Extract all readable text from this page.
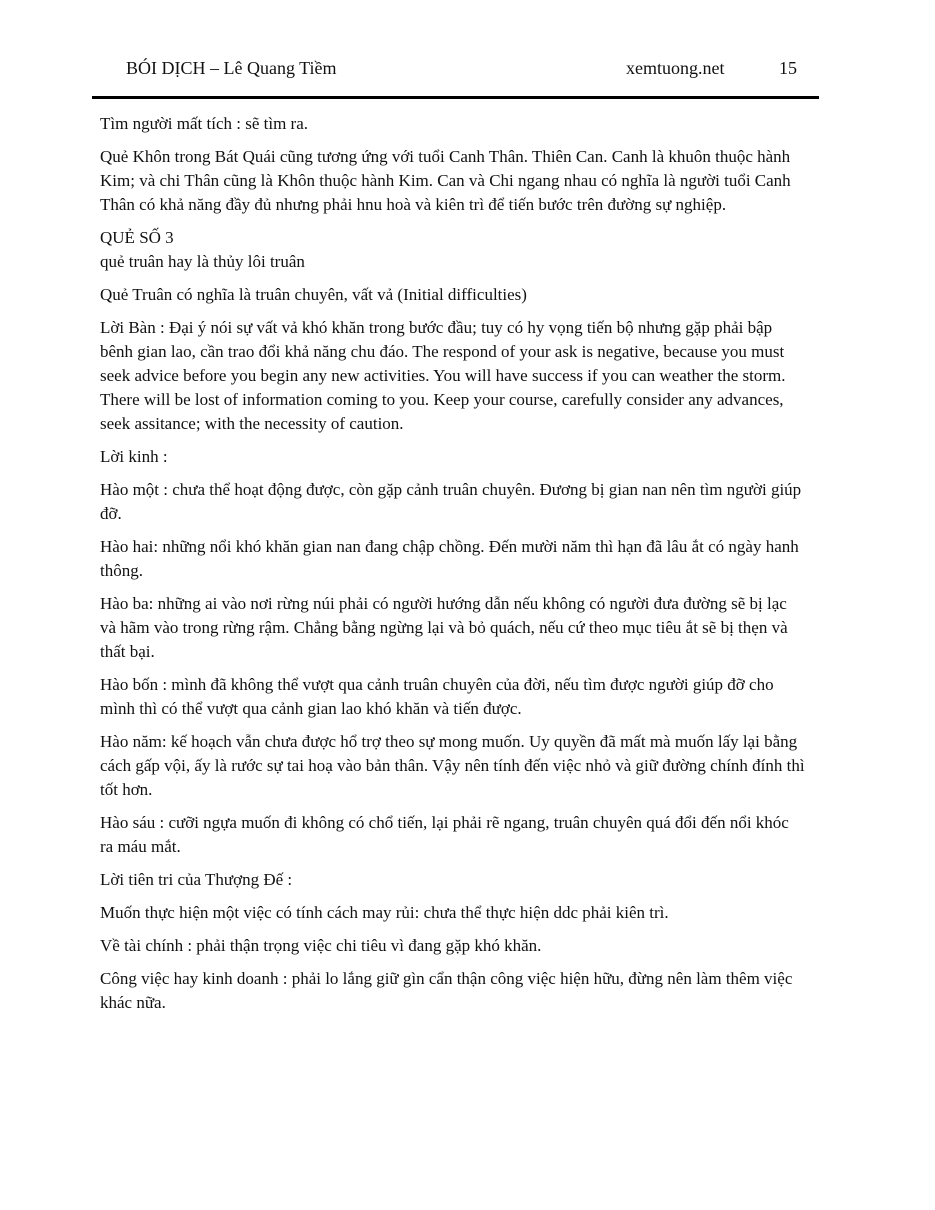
BÓI DỊCH – Lê Quang Tiềm	xemtuong.net	15

Tìm người mất tích : sẽ tìm ra.

Quẻ Khôn trong Bát Quái cũng tương ứng với tuổi Canh Thân. Thiên Can. Canh là khuôn thuộc hành Kim; và chi Thân cũng là Khôn thuộc hành Kim. Can và Chi ngang nhau có nghĩa là người tuổi Canh Thân có khả năng đầy đủ nhưng phải hnu hoà và kiên trì để tiến bước trên đường sự nghiệp.

QUẺ SỐ 3

quẻ truân hay là thủy lôi truân

Quẻ Truân có nghĩa là truân chuyên, vất vả (Initial difficulties)

Lời Bàn : Đại ý nói sự vất vả khó khăn trong bước đầu; tuy có hy vọng tiến bộ nhưng gặp phải bập bênh gian lao, cần trao đổi khả năng chu đáo. The respond of your ask is negative, because you must seek advice before you begin any new activities. You will have success if you can weather the storm. There will be lost of information coming to you. Keep your course, carefully consider any advances, seek assitance; with the necessity of caution.

Lời kinh :

Hào một : chưa thể hoạt động được, còn gặp cảnh truân chuyên. Đương bị gian nan nên tìm người giúp đỡ.

Hào hai: những nổi khó khăn gian nan đang chập chồng. Đến mười năm thì hạn đã lâu ắt có ngày hanh thông.

Hào ba: những ai vào nơi rừng núi phải có người hướng dẫn nếu không có người đưa đường sẽ bị lạc và hãm vào trong rừng rậm. Chẳng bằng ngừng lại và bỏ quách, nếu cứ theo mục tiêu ắt sẽ bị thẹn và thất bại.

Hào bốn : mình đã không thể vượt qua cảnh truân chuyên của đời, nếu tìm được người giúp đỡ cho mình thì có thể vượt qua cảnh gian lao khó khăn và tiến được.

Hào năm: kế hoạch vẫn chưa được hổ trợ theo sự mong muốn. Uy quyền đã mất mà muốn lấy lại bằng cách gấp vội, ấy là rước sự tai hoạ vào bản thân. Vậy nên tính đến việc nhỏ và giữ đường chính đính thì tốt hơn.

Hào sáu : cưỡi ngựa muốn đi không có chổ tiến, lại phải rẽ ngang, truân chuyên quá đổi đến nổi khóc ra máu mắt.

Lời tiên tri của Thượng Đế :

Muốn thực hiện một việc có tính cách may rủi: chưa thể thực hiện ddc phải kiên trì.

Về tài chính : phải thận trọng việc chi tiêu vì đang gặp khó khăn.

Công việc hay kinh doanh : phải lo lắng giữ gìn cẩn thận công việc hiện hữu, đừng nên làm thêm việc khác nữa.
